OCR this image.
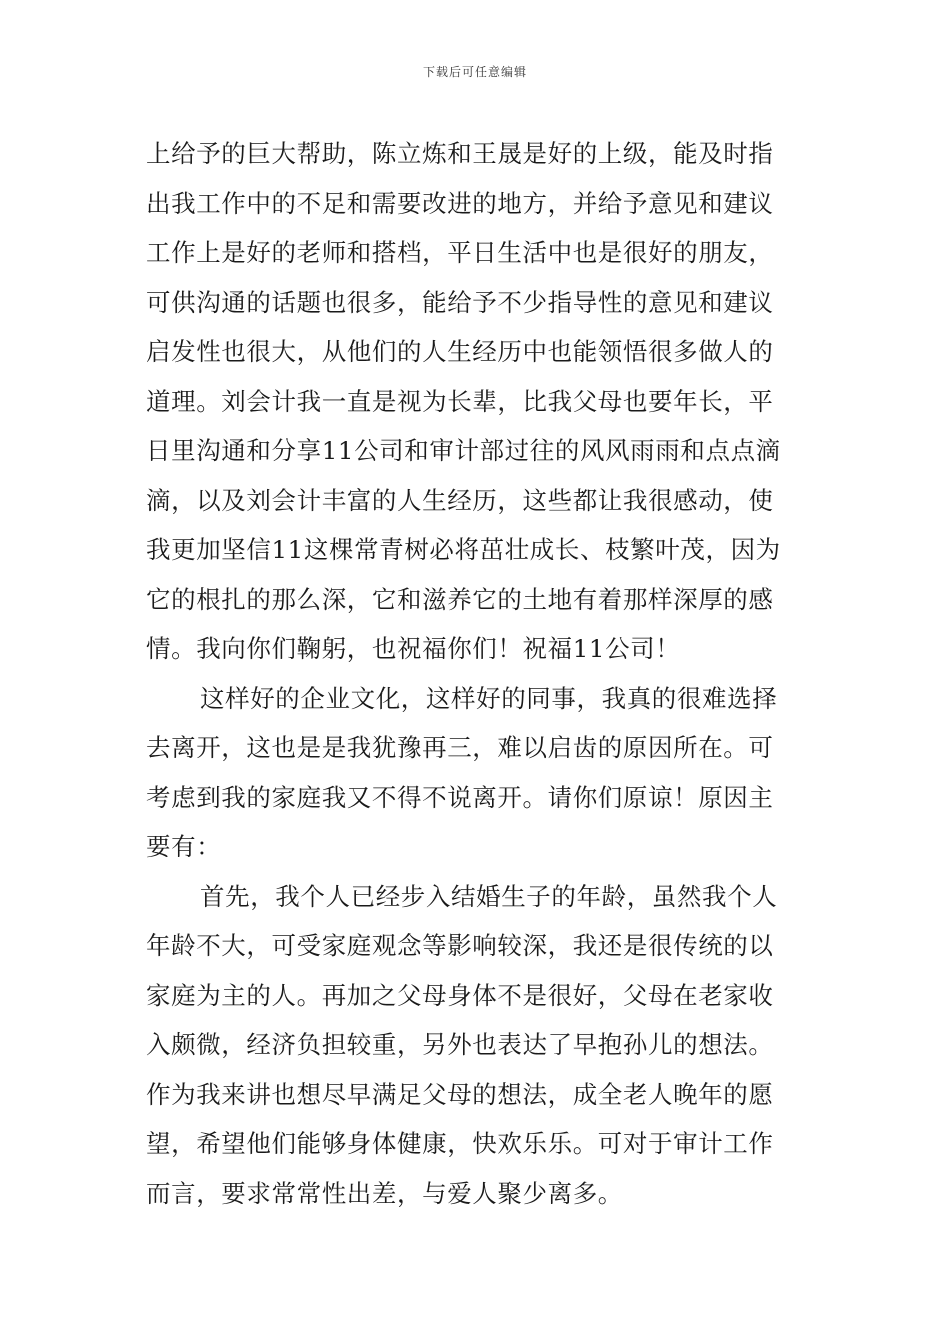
下载后可任意编辑
上给予的巨大帮助，陈立炼和王晟是好的上级，能及时指
出我工作中的不足和需要改进的地方，并给予意见和建议
工作上是好的老师和搭档，平日生活中也是很好的朋友，
可供沟通的话题也很多，能给予不少指导性的意见和建议
启发性也很大，从他们的人生经历中也能领悟很多做人的
道理。刘会计我一直是视为长辈，比我父母也要年长，平
日里沟通和分享11公司和审计部过往的风风雨雨和点点滴
滴，以及刘会计丰富的人生经历，这些都让我很感动，使
我更加坚信11这棵常青树必将茁壮成长、枝繁叶茂，因为
它的根扎的那么深，它和滋养它的土地有着那样深厚的感
情。我向你们鞠躬，也祝福你们！祝福11公司！
这样好的企业文化，这样好的同事，我真的很难选择
去离开，这也是是我犹豫再三，难以启齿的原因所在。可
考虑到我的家庭我又不得不说离开。请你们原谅！原因主
要有：
首先，我个人已经步入结婚生子的年龄，虽然我个人
年龄不大，可受家庭观念等影响较深，我还是很传统的以
家庭为主的人。再加之父母身体不是很好，父母在老家收
入颇微，经济负担较重，另外也表达了早抱孙儿的想法。
作为我来讲也想尽早满足父母的想法，成全老人晚年的愿
望，希望他们能够身体健康，快欢乐乐。可对于审计工作
而言，要求常常性出差，与爱人聚少离多。
